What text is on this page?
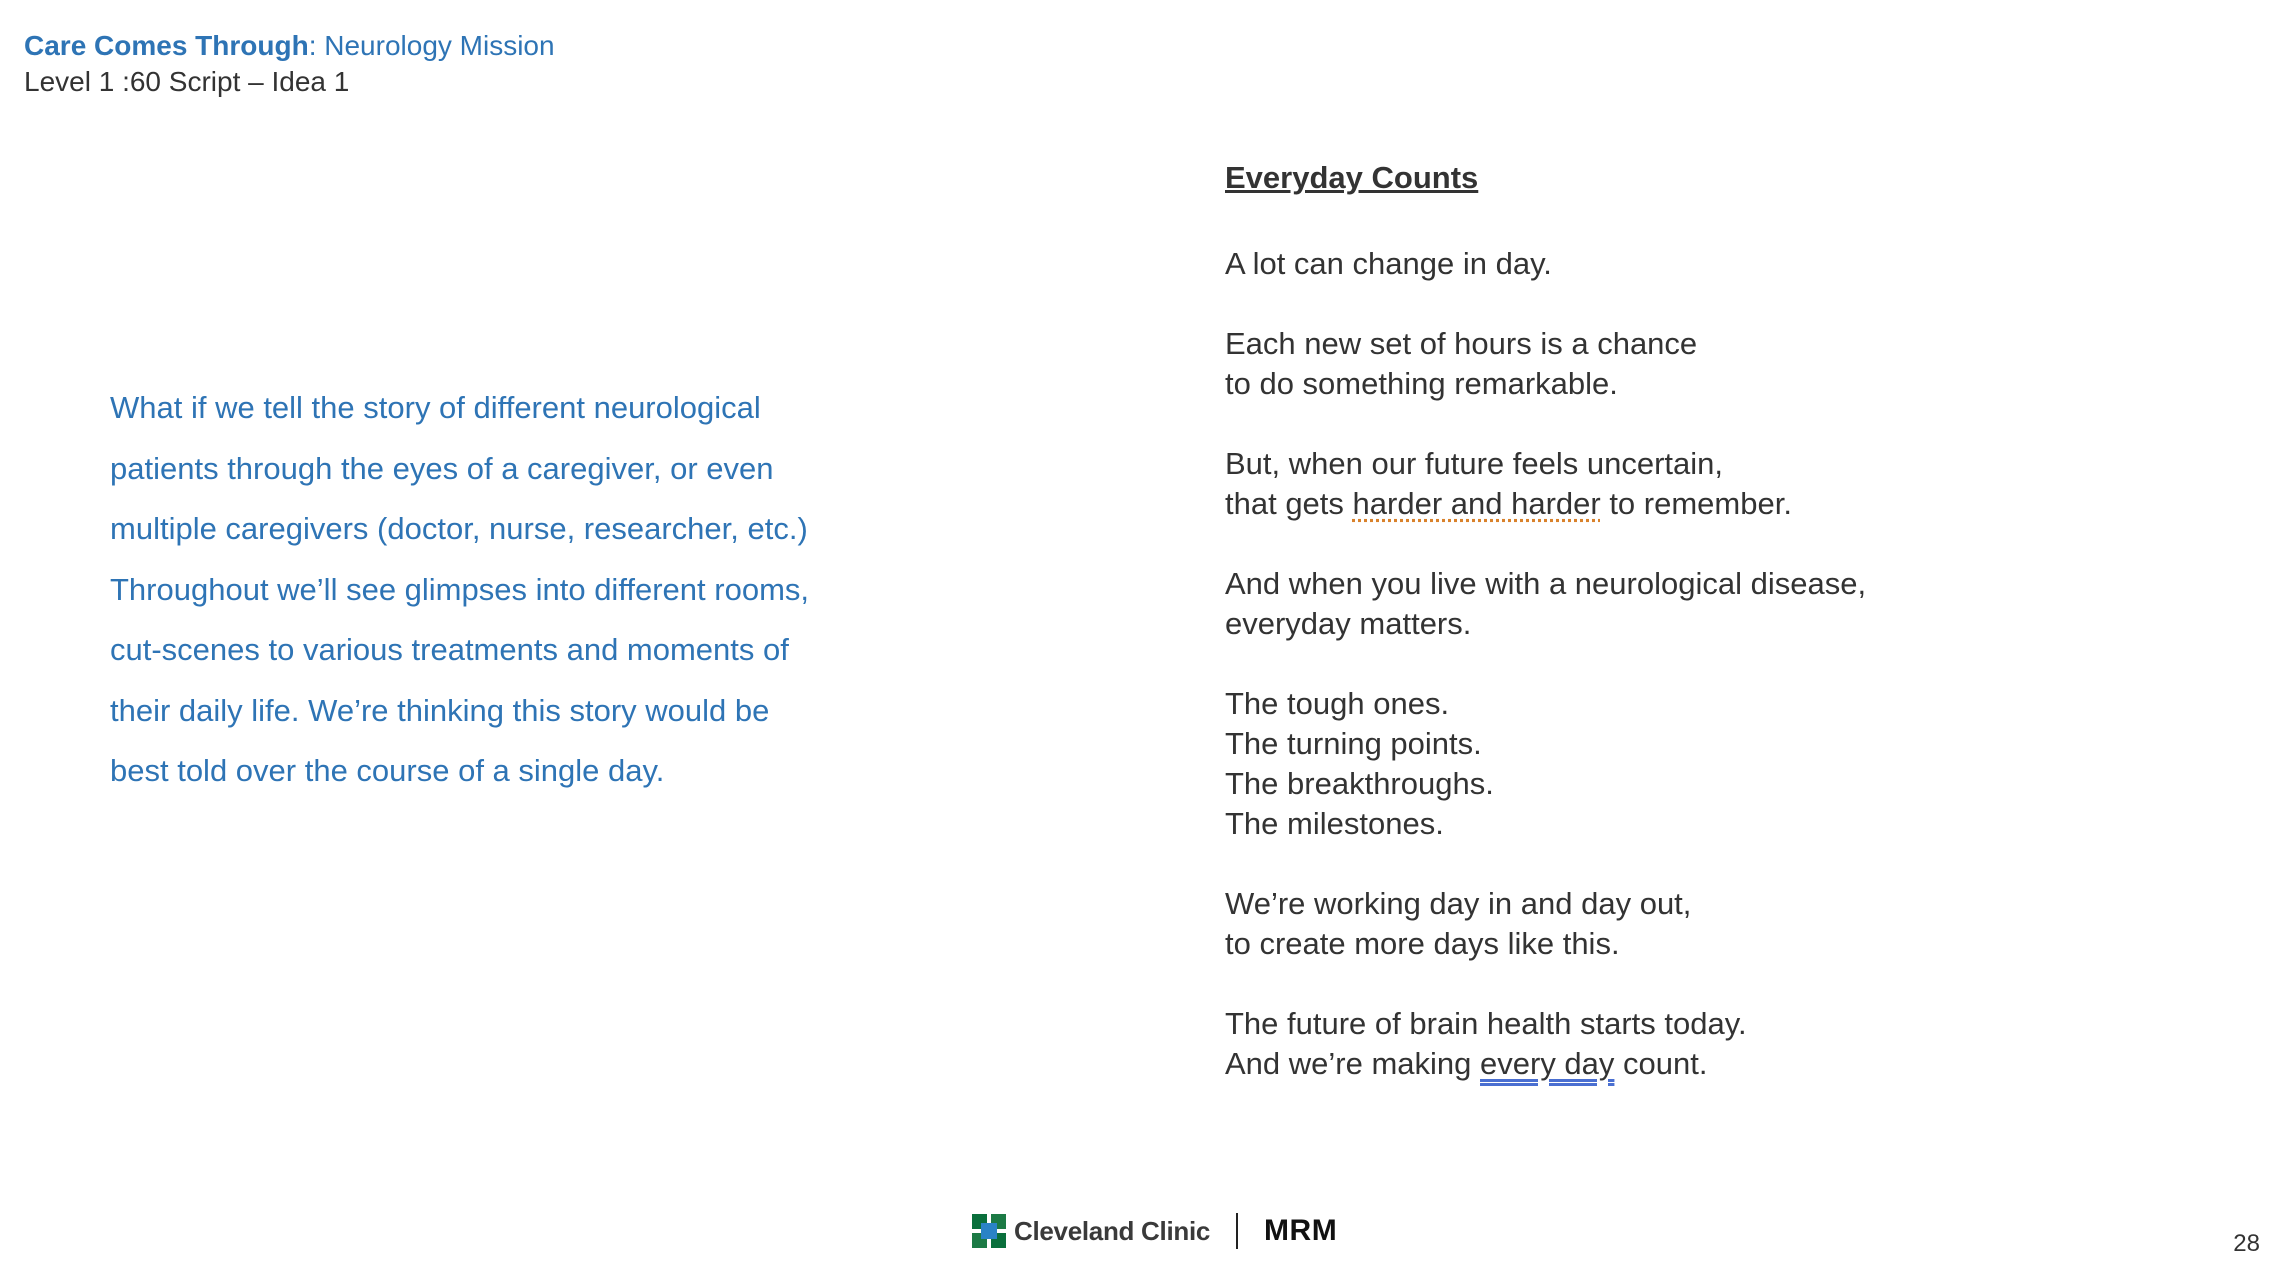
Care Comes Through: Neurology Mission
Level 1 :60 Script – Idea 1
What if we tell the story of different neurological
patients through the eyes of a caregiver, or even
multiple caregivers (doctor, nurse, researcher, etc.)
Throughout we’ll see glimpses into different rooms,
cut-scenes to various treatments and moments of
their daily life. We’re thinking this story would be
best told over the course of a single day.
Everyday Counts

A lot can change in day.

Each new set of hours is a chance

to do something remarkable.

But, when our future feels uncertain,

that gets harder and harder to remember.

And when you live with a neurological disease,

everyday matters.

The tough ones.

The turning points.

The breakthroughs.

The milestones.

We’re working day in and day out,

to create more days like this.

The future of brain health starts today.

And we’re making every day count.

Cleveland Clinic MRM	28
